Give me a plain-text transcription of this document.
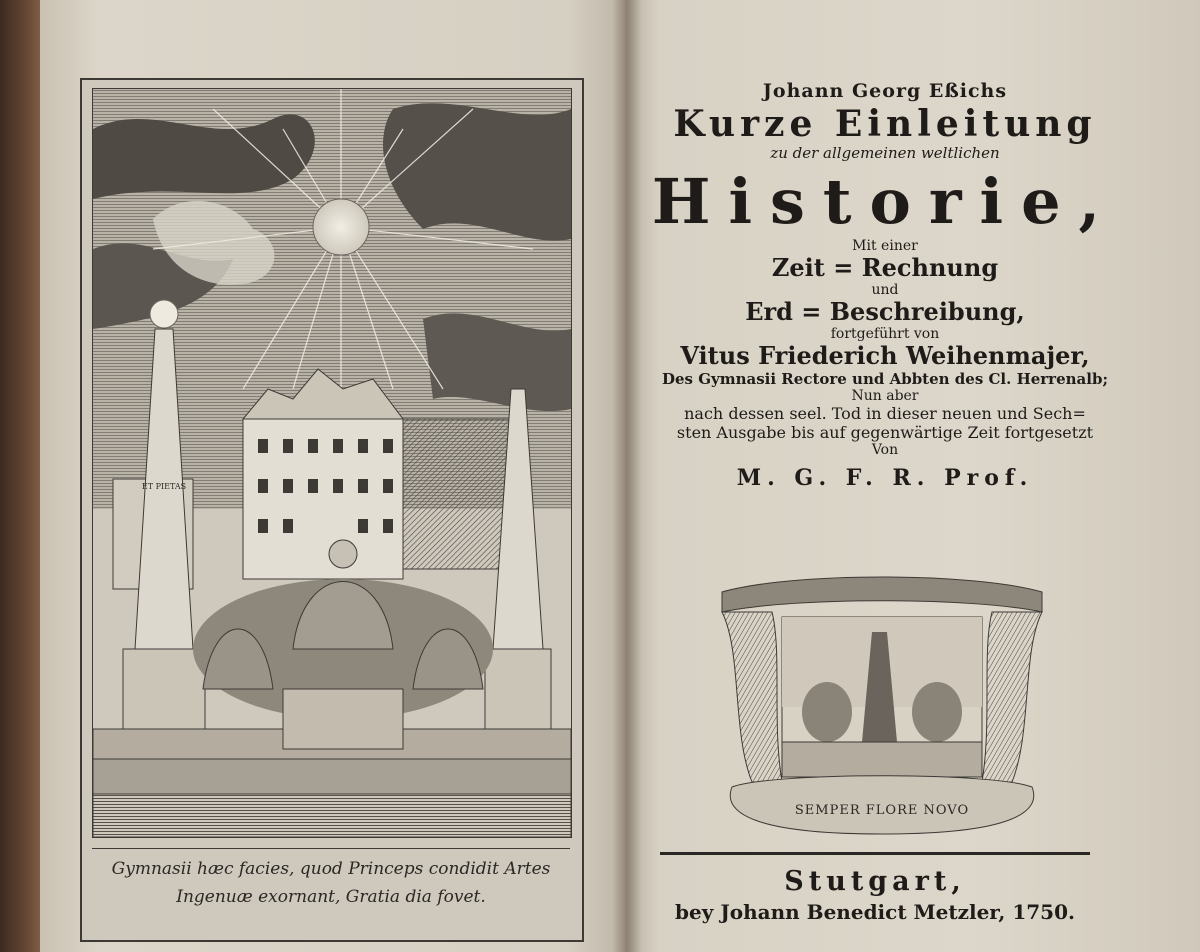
ET PIETAS
Gymnasii hæc facies, quod Princeps condidit Artes
Ingenuæ exornant, Gratia dia fovet.

Johann Georg Eßichs

Kurze Einleitung

zu der allgemeinen weltlichen

Historie,

Mit einer

Zeit = Rechnung

und

Erd = Beschreibung,

fortgeführt von

Vitus Friederich Weihenmajer,

Des Gymnasii Rectore und Abbten des Cl. Herrenalb;

Nun aber

nach dessen seel. Tod in dieser neuen und Sech=

sten Ausgabe bis auf gegenwärtige Zeit fortgesetzt

Von

M. G. F. R. Prof.

SEMPER FLORE NOVO
Stutgart,
bey Johann Benedict Metzler, 1750.
